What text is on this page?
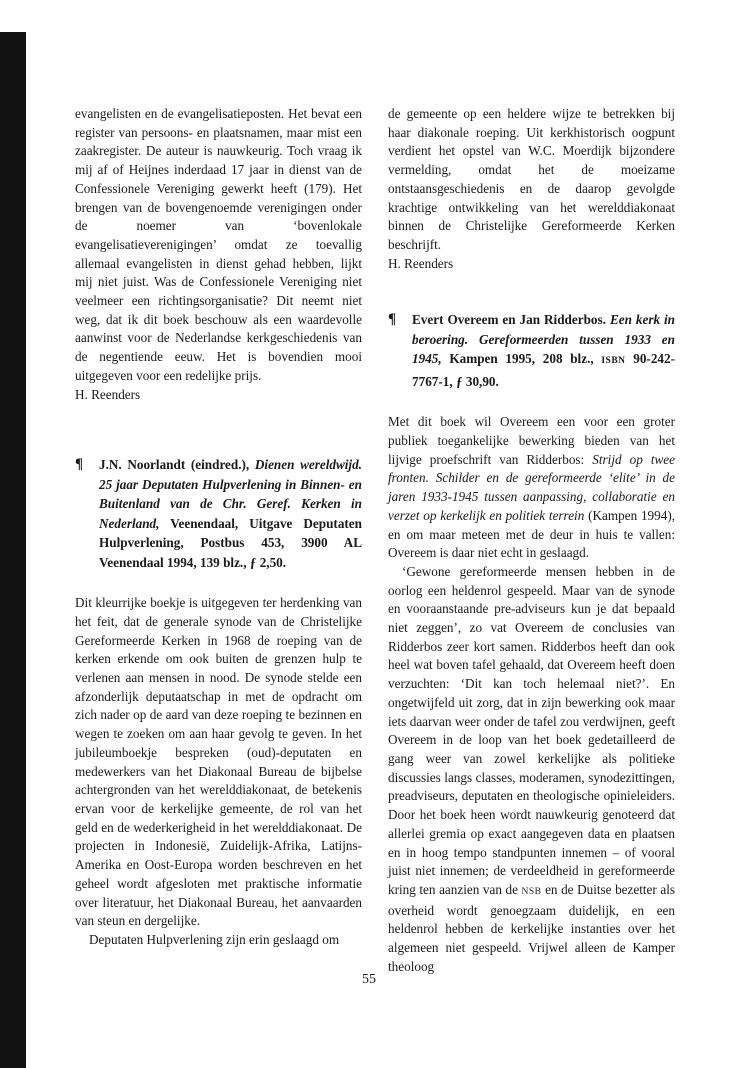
evangelisten en de evangelisatieposten. Het bevat een register van persoons- en plaatsnamen, maar mist een zaakregister. De auteur is nauwkeurig. Toch vraag ik mij af of Heijnes inderdaad 17 jaar in dienst van de Confessionele Vereniging gewerkt heeft (179). Het brengen van de bovengenoemde verenigingen onder de noemer van ‘bovenlokale evangelisatieverenigingen’ omdat ze toevallig allemaal evangelisten in dienst gehad hebben, lijkt mij niet juist. Was de Confessionele Vereniging niet veelmeer een richtingsorganisatie? Dit neemt niet weg, dat ik dit boek beschouw als een waardevolle aanwinst voor de Nederlandse kerkgeschiedenis van de negentiende eeuw. Het is bovendien mooi uitgegeven voor een redelijke prijs.

H. Reenders

¶	J.N. Noorlandt (eindred.), Dienen wereldwijd. 25 jaar Deputaten Hulpverlening in Binnen- en Buitenland van de Chr. Geref. Kerken in Nederland, Veenendaal, Uitgave Deputaten Hulpverlening, Postbus 453, 3900 AL Veenendaal 1994, 139 blz., ƒ 2,50.

Dit kleurrijke boekje is uitgegeven ter herdenking van het feit, dat de generale synode van de Christelijke Gereformeerde Kerken in 1968 de roeping van de kerken erkende om ook buiten de grenzen hulp te verlenen aan mensen in nood. De synode stelde een afzonderlijk deputaatschap in met de opdracht om zich nader op de aard van deze roeping te bezinnen en wegen te zoeken om aan haar gevolg te geven. In het jubileumboekje bespreken (oud)-deputaten en medewerkers van het Diakonaal Bureau de bijbelse achtergronden van het werelddiakonaat, de betekenis ervan voor de kerkelijke gemeente, de rol van het geld en de wederkerigheid in het werelddiakonaat. De projecten in Indonesië, Zuidelijk-Afrika, Latijns-Amerika en Oost-Europa worden beschreven en het geheel wordt afgesloten met praktische informatie over literatuur, het Diakonaal Bureau, het aanvaarden van steun en dergelijke.

Deputaten Hulpverlening zijn erin geslaagd om

de gemeente op een heldere wijze te betrekken bij haar diakonale roeping. Uit kerkhistorisch oogpunt verdient het opstel van W.C. Moerdijk bijzondere vermelding, omdat het de moeizame ontstaansgeschiedenis en de daarop gevolgde krachtige ontwikkeling van het werelddiakonaat binnen de Christelijke Gereformeerde Kerken beschrijft.

H. Reenders

¶	Evert Overeem en Jan Ridderbos. Een kerk in beroering. Gereformeerden tussen 1933 en 1945, Kampen 1995, 208 blz., ISBN 90-242-7767-1, ƒ 30,90.

Met dit boek wil Overeem een voor een groter publiek toegankelijke bewerking bieden van het lijvige proefschrift van Ridderbos: Strijd op twee fronten. Schilder en de gereformeerde ‘elite’ in de jaren 1933-1945 tussen aanpassing, collaboratie en verzet op kerkelijk en politiek terrein (Kampen 1994), en om maar meteen met de deur in huis te vallen: Overeem is daar niet echt in geslaagd.

‘Gewone gereformeerde mensen hebben in de oorlog een heldenrol gespeeld. Maar van de synode en vooraanstaande pre-adviseurs kun je dat bepaald niet zeggen’, zo vat Overeem de conclusies van Ridderbos zeer kort samen. Ridderbos heeft dan ook heel wat boven tafel gehaald, dat Overeem heeft doen verzuchten: ‘Dit kan toch helemaal niet?’. En ongetwijfeld uit zorg, dat in zijn bewerking ook maar iets daarvan weer onder de tafel zou verdwijnen, geeft Overeem in de loop van het boek gedetailleerd de gang weer van zowel kerkelijke als politieke discussies langs classes, moderamen, synodezittingen, preadviseurs, deputaten en theologische opinieleiders. Door het boek heen wordt nauwkeurig genoteerd dat allerlei gremia op exact aangegeven data en plaatsen en in hoog tempo standpunten innemen – of vooral juist niet innemen; de verdeeldheid in gereformeerde kring ten aanzien van de NSB en de Duitse bezetter als overheid wordt genoegzaam duidelijk, en een heldenrol hebben de kerkelijke instanties over het algemeen niet gespeeld. Vrijwel alleen de Kamper theoloog

55
